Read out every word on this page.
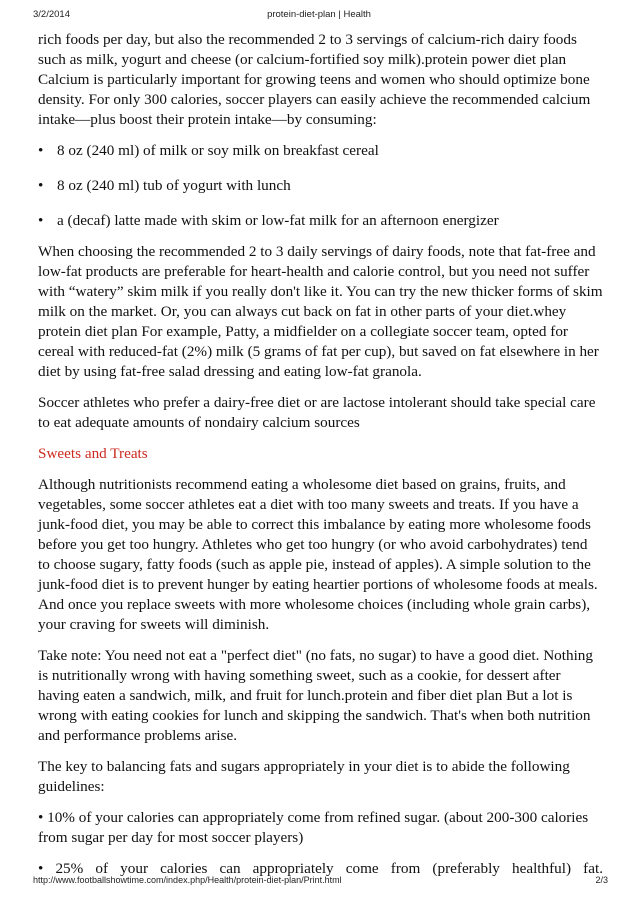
3/2/2014	protein-diet-plan | Health

rich foods per day, but also the recommended 2 to 3 servings of calcium-rich dairy foods such as milk, yogurt and cheese (or calcium-fortified soy milk).protein power diet plan Calcium is particularly important for growing teens and women who should optimize bone density. For only 300 calories, soccer players can easily achieve the recommended calcium intake—plus boost their protein intake—by consuming:

• 8 oz (240 ml) of milk or soy milk on breakfast cereal
• 8 oz (240 ml) tub of yogurt with lunch
• a (decaf) latte made with skim or low-fat milk for an afternoon energizer

When choosing the recommended 2 to 3 daily servings of dairy foods, note that fat-free and low-fat products are preferable for heart-health and calorie control, but you need not suffer with “watery” skim milk if you really don't like it. You can try the new thicker forms of skim milk on the market. Or, you can always cut back on fat in other parts of your diet.whey protein diet plan For example, Patty, a midfielder on a collegiate soccer team, opted for cereal with reduced-fat (2%) milk (5 grams of fat per cup), but saved on fat elsewhere in her diet by using fat-free salad dressing and eating low-fat granola.

Soccer athletes who prefer a dairy-free diet or are lactose intolerant should take special care to eat adequate amounts of nondairy calcium sources

Sweets and Treats

Although nutritionists recommend eating a wholesome diet based on grains, fruits, and vegetables, some soccer athletes eat a diet with too many sweets and treats. If you have a junk-food diet, you may be able to correct this imbalance by eating more wholesome foods before you get too hungry. Athletes who get too hungry (or who avoid carbohydrates) tend to choose sugary, fatty foods (such as apple pie, instead of apples). A simple solution to the junk-food diet is to prevent hunger by eating heartier portions of wholesome foods at meals. And once you replace sweets with more wholesome choices (including whole grain carbs), your craving for sweets will diminish.

Take note: You need not eat a "perfect diet" (no fats, no sugar) to have a good diet. Nothing is nutritionally wrong with having something sweet, such as a cookie, for dessert after having eaten a sandwich, milk, and fruit for lunch.protein and fiber diet plan But a lot is wrong with eating cookies for lunch and skipping the sandwich. That's when both nutrition and performance problems arise.

The key to balancing fats and sugars appropriately in your diet is to abide the following guidelines:

• 10% of your calories can appropriately come from refined sugar. (about 200-300 calories from sugar per day for most soccer players)

• 25% of your calories can appropriately come from (preferably healthful) fat.

http://www.footballshowtime.com/index.php/Health/protein-diet-plan/Print.html	2/3
